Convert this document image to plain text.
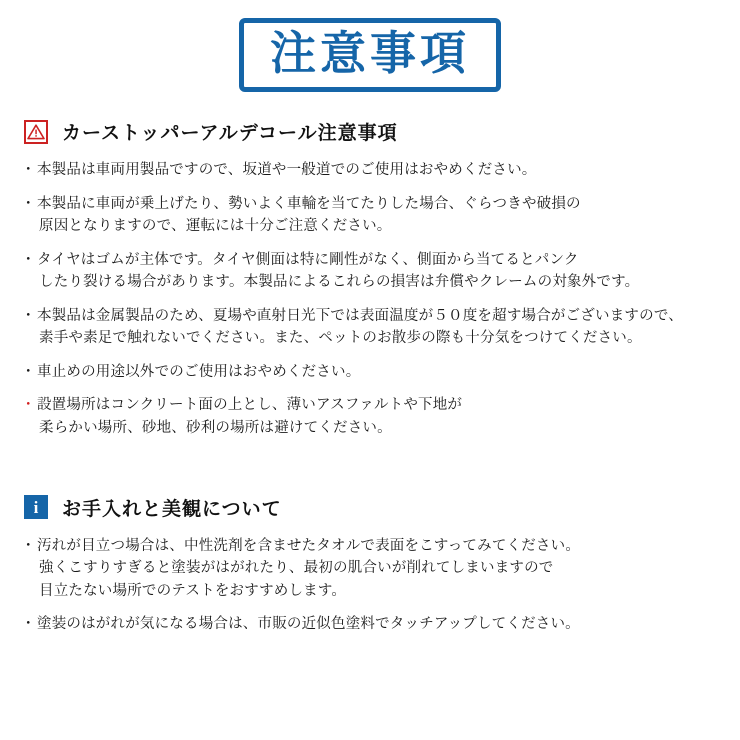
注意事項
カーストッパーアルデコール注意事項
・ 本製品は車両用製品ですので、坂道や一般道でのご使用はおやめください。
・ 本製品に車両が乗上げたり、勢いよく車輪を当てたりした場合、ぐらつきや破損の
原因となりますので、運転には十分ご注意ください。
・ タイヤはゴムが主体です。タイヤ側面は特に剛性がなく、側面から当てるとパンク
したり裂ける場合があります。本製品によるこれらの損害は弁償やクレームの対象外です。
・ 本製品は金属製品のため、夏場や直射日光下では表面温度が５０度を超す場合がございますので、
素手や素足で触れないでください。また、ペットのお散歩の際も十分気をつけてください。
・ 車止めの用途以外でのご使用はおやめください。
・ 設置場所はコンクリート面の上とし、薄いアスファルトや下地が
柔らかい場所、砂地、砂利の場所は避けてください。
i お手入れと美観について
・ 汚れが目立つ場合は、中性洗剤を含ませたタオルで表面をこすってみてください。
強くこすりすぎると塗装がはがれたり、最初の肌合いが削れてしまいますので
目立たない場所でのテストをおすすめします。
・ 塗装のはがれが気になる場合は、市販の近似色塗料でタッチアップしてください。
